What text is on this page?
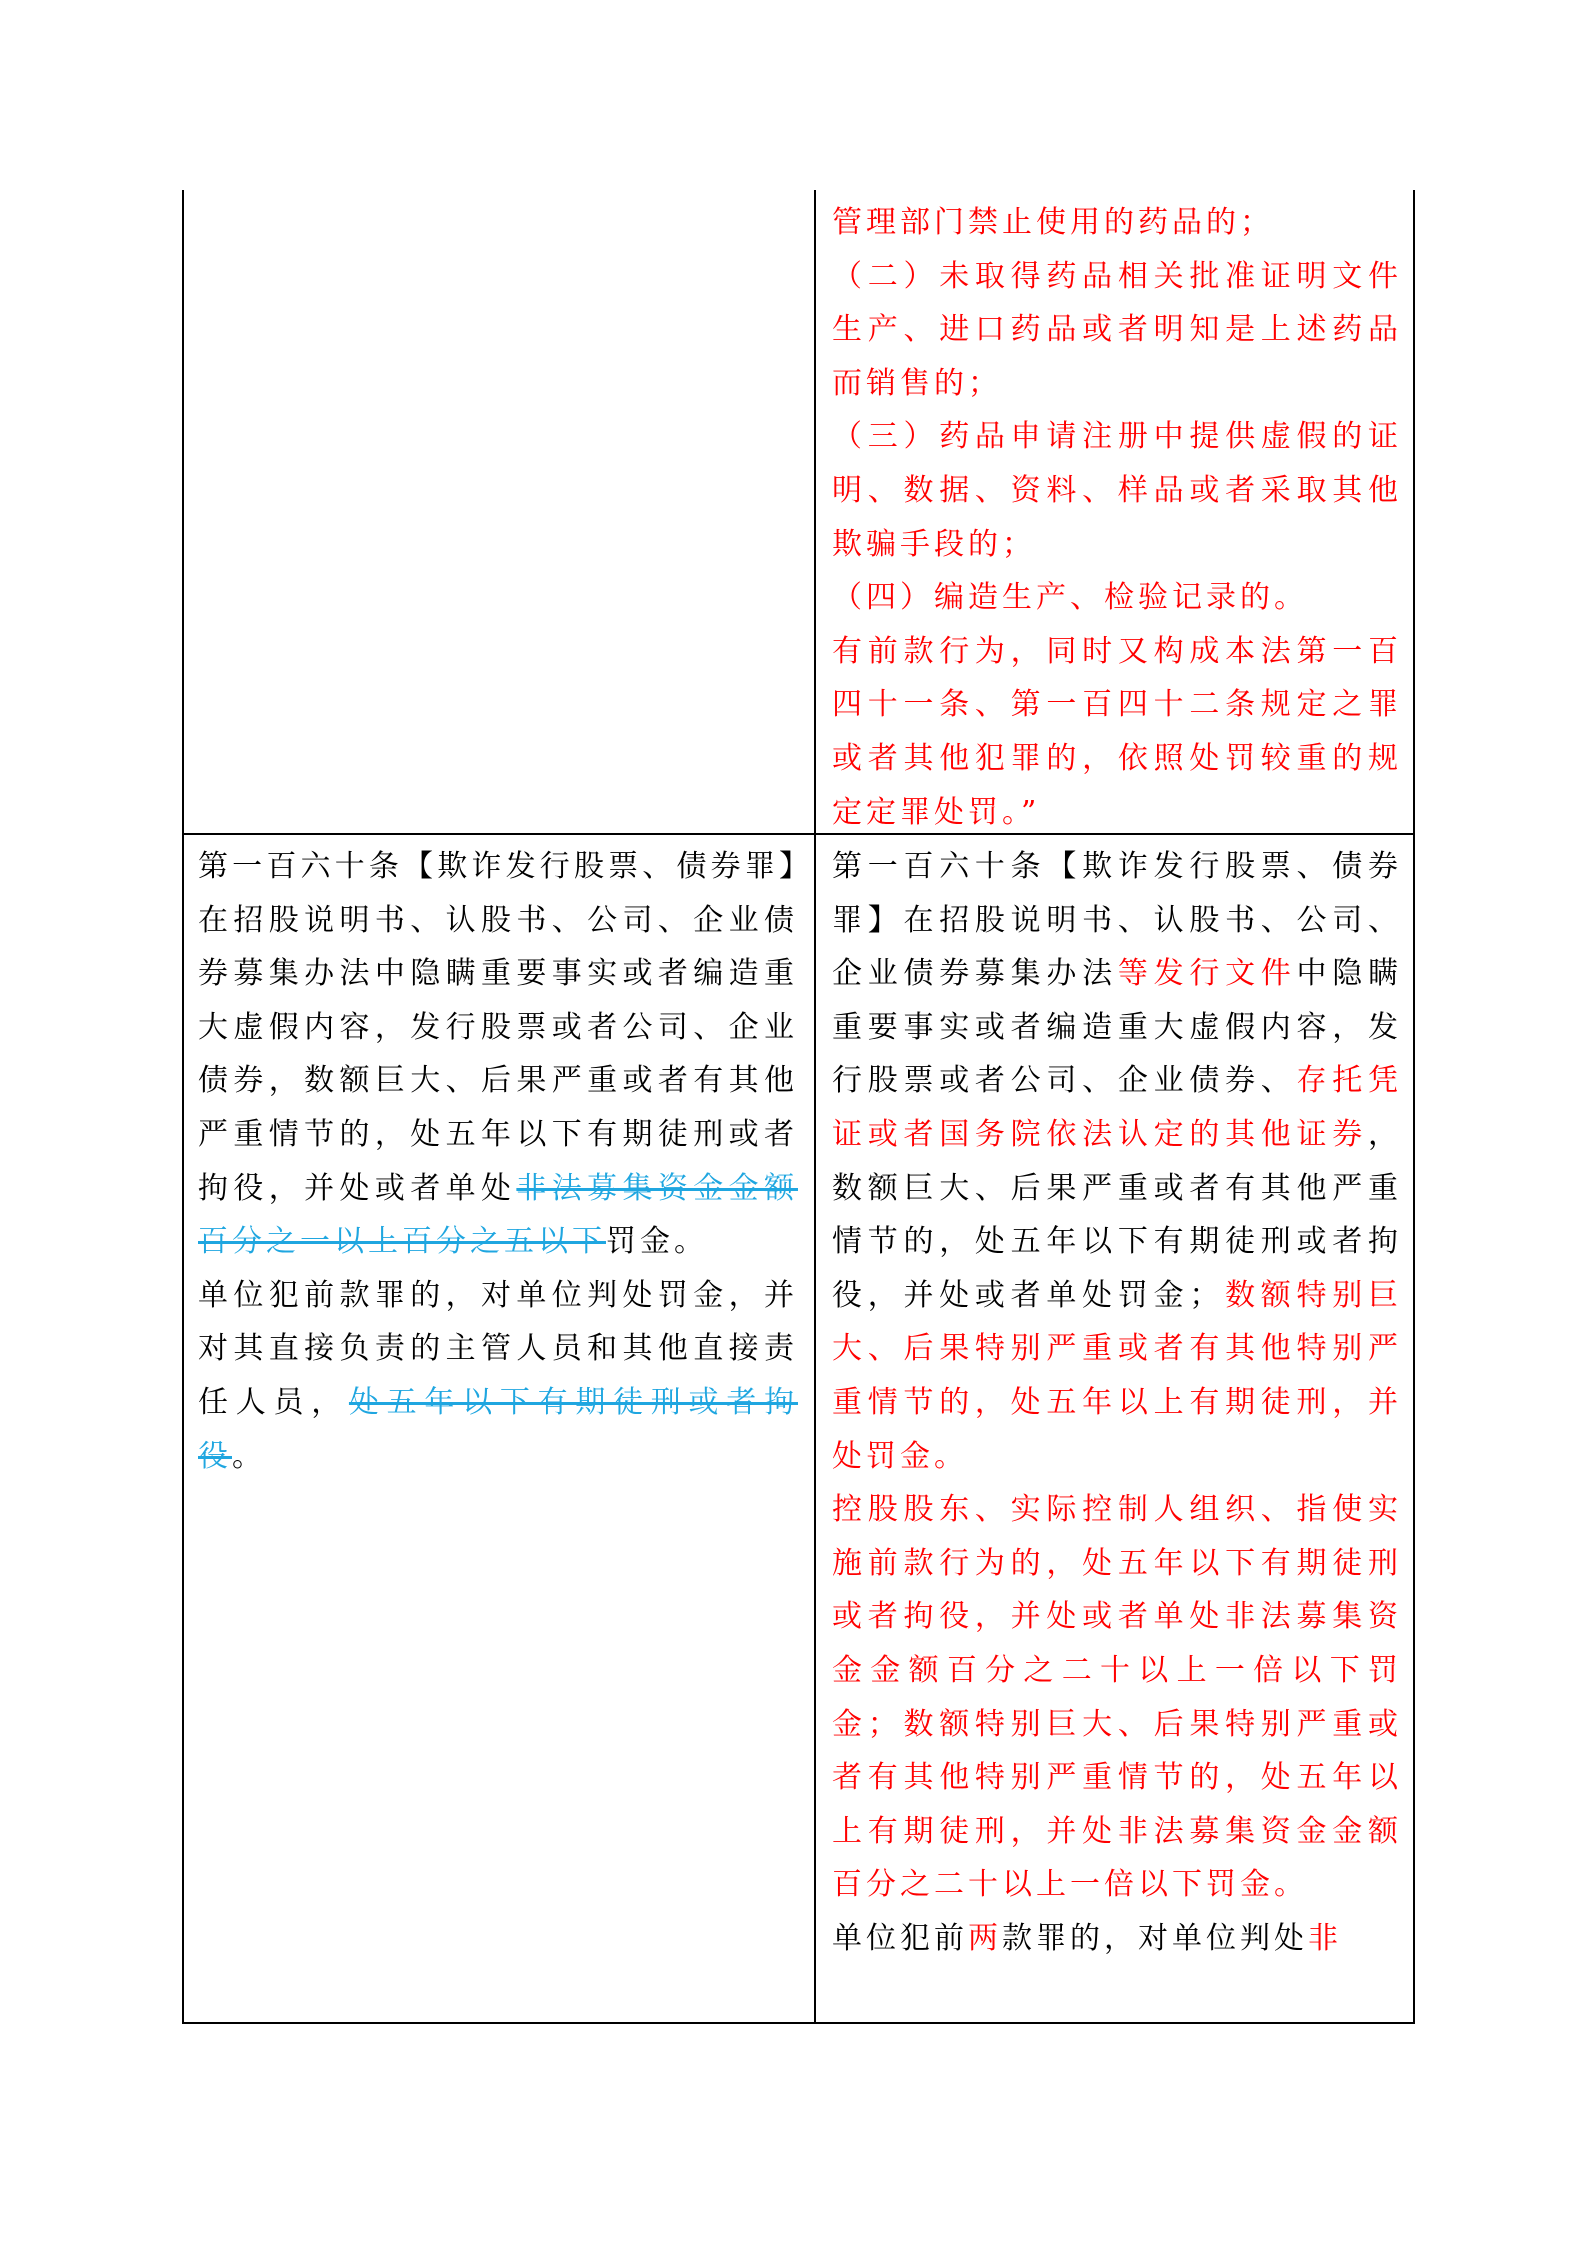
管理部门禁止使用的药品的；

（二）未取得药品相关批准证明文件生产、进口药品或者明知是上述药品而销售的；

（三）药品申请注册中提供虚假的证明、数据、资料、样品或者采取其他欺骗手段的；

（四）编造生产、检验记录的。

有前款行为，同时又构成本法第一百四十一条、第一百四十二条规定之罪或者其他犯罪的，依照处罚较重的规定定罪处罚。”

第一百六十条【欺诈发行股票、债券罪】在招股说明书、认股书、公司、企业债券募集办法中隐瞒重要事实或者编造重大虚假内容，发行股票或者公司、企业债券，数额巨大、后果严重或者有其他严重情节的，处五年以下有期徒刑或者拘役，并处或者单处非法募集资金金额百分之一以上百分之五以下罚金。

单位犯前款罪的，对单位判处罚金，并对其直接负责的主管人员和其他直接责任人员，处五年以下有期徒刑或者拘役。

第一百六十条【欺诈发行股票、债券罪】在招股说明书、认股书、公司、企业债券募集办法等发行文件中隐瞒重要事实或者编造重大虚假内容，发行股票或者公司、企业债券、存托凭证或者国务院依法认定的其他证券，数额巨大、后果严重或者有其他严重情节的，处五年以下有期徒刑或者拘役，并处或者单处罚金；数额特别巨大、后果特别严重或者有其他特别严重情节的，处五年以上有期徒刑，并处罚金。

控股股东、实际控制人组织、指使实施前款行为的，处五年以下有期徒刑或者拘役，并处或者单处非法募集资金金额百分之二十以上一倍以下罚金；数额特别巨大、后果特别严重或者有其他特别严重情节的，处五年以上有期徒刑，并处非法募集资金金额百分之二十以上一倍以下罚金。

单位犯前两款罪的，对单位判处非
